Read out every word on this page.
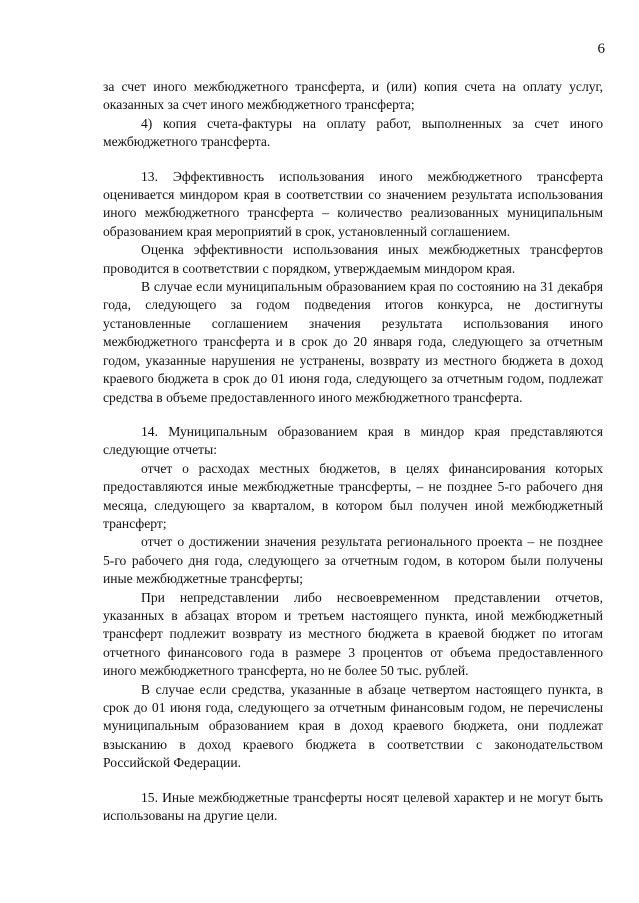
6

за счет иного межбюджетного трансферта, и (или) копия счета на оплату услуг, оказанных за счет иного межбюджетного трансферта;

4) копия счета-фактуры на оплату работ, выполненных за счет иного межбюджетного трансферта.

13. Эффективность использования иного межбюджетного трансферта оценивается миндором края в соответствии со значением результата использования иного межбюджетного трансферта – количество реализованных муниципальным образованием края мероприятий в срок, установленный соглашением.

Оценка эффективности использования иных межбюджетных трансфертов проводится в соответствии с порядком, утверждаемым миндором края.

В случае если муниципальным образованием края по состоянию на 31 декабря года, следующего за годом подведения итогов конкурса, не достигнуты установленные соглашением значения результата использования иного межбюджетного трансферта и в срок до 20 января года, следующего за отчетным годом, указанные нарушения не устранены, возврату из местного бюджета в доход краевого бюджета в срок до 01 июня года, следующего за отчетным годом, подлежат средства в объеме предоставленного иного межбюджетного трансферта.

14. Муниципальным образованием края в миндор края представляются следующие отчеты:

отчет о расходах местных бюджетов, в целях финансирования которых предоставляются иные межбюджетные трансферты, – не позднее 5-го рабочего дня месяца, следующего за кварталом, в котором был получен иной межбюджетный трансферт;

отчет о достижении значения результата регионального проекта – не позднее 5-го рабочего дня года, следующего за отчетным годом, в котором были получены иные межбюджетные трансферты;

При непредставлении либо несвоевременном представлении отчетов, указанных в абзацах втором и третьем настоящего пункта, иной межбюджетный трансферт подлежит возврату из местного бюджета в краевой бюджет по итогам отчетного финансового года в размере 3 процентов от объема предоставленного иного межбюджетного трансферта, но не более 50 тыс. рублей.

В случае если средства, указанные в абзаце четвертом настоящего пункта, в срок до 01 июня года, следующего за отчетным финансовым годом, не перечислены муниципальным образованием края в доход краевого бюджета, они подлежат взысканию в доход краевого бюджета в соответствии с законодательством Российской Федерации.

15. Иные межбюджетные трансферты носят целевой характер и не могут быть использованы на другие цели.
